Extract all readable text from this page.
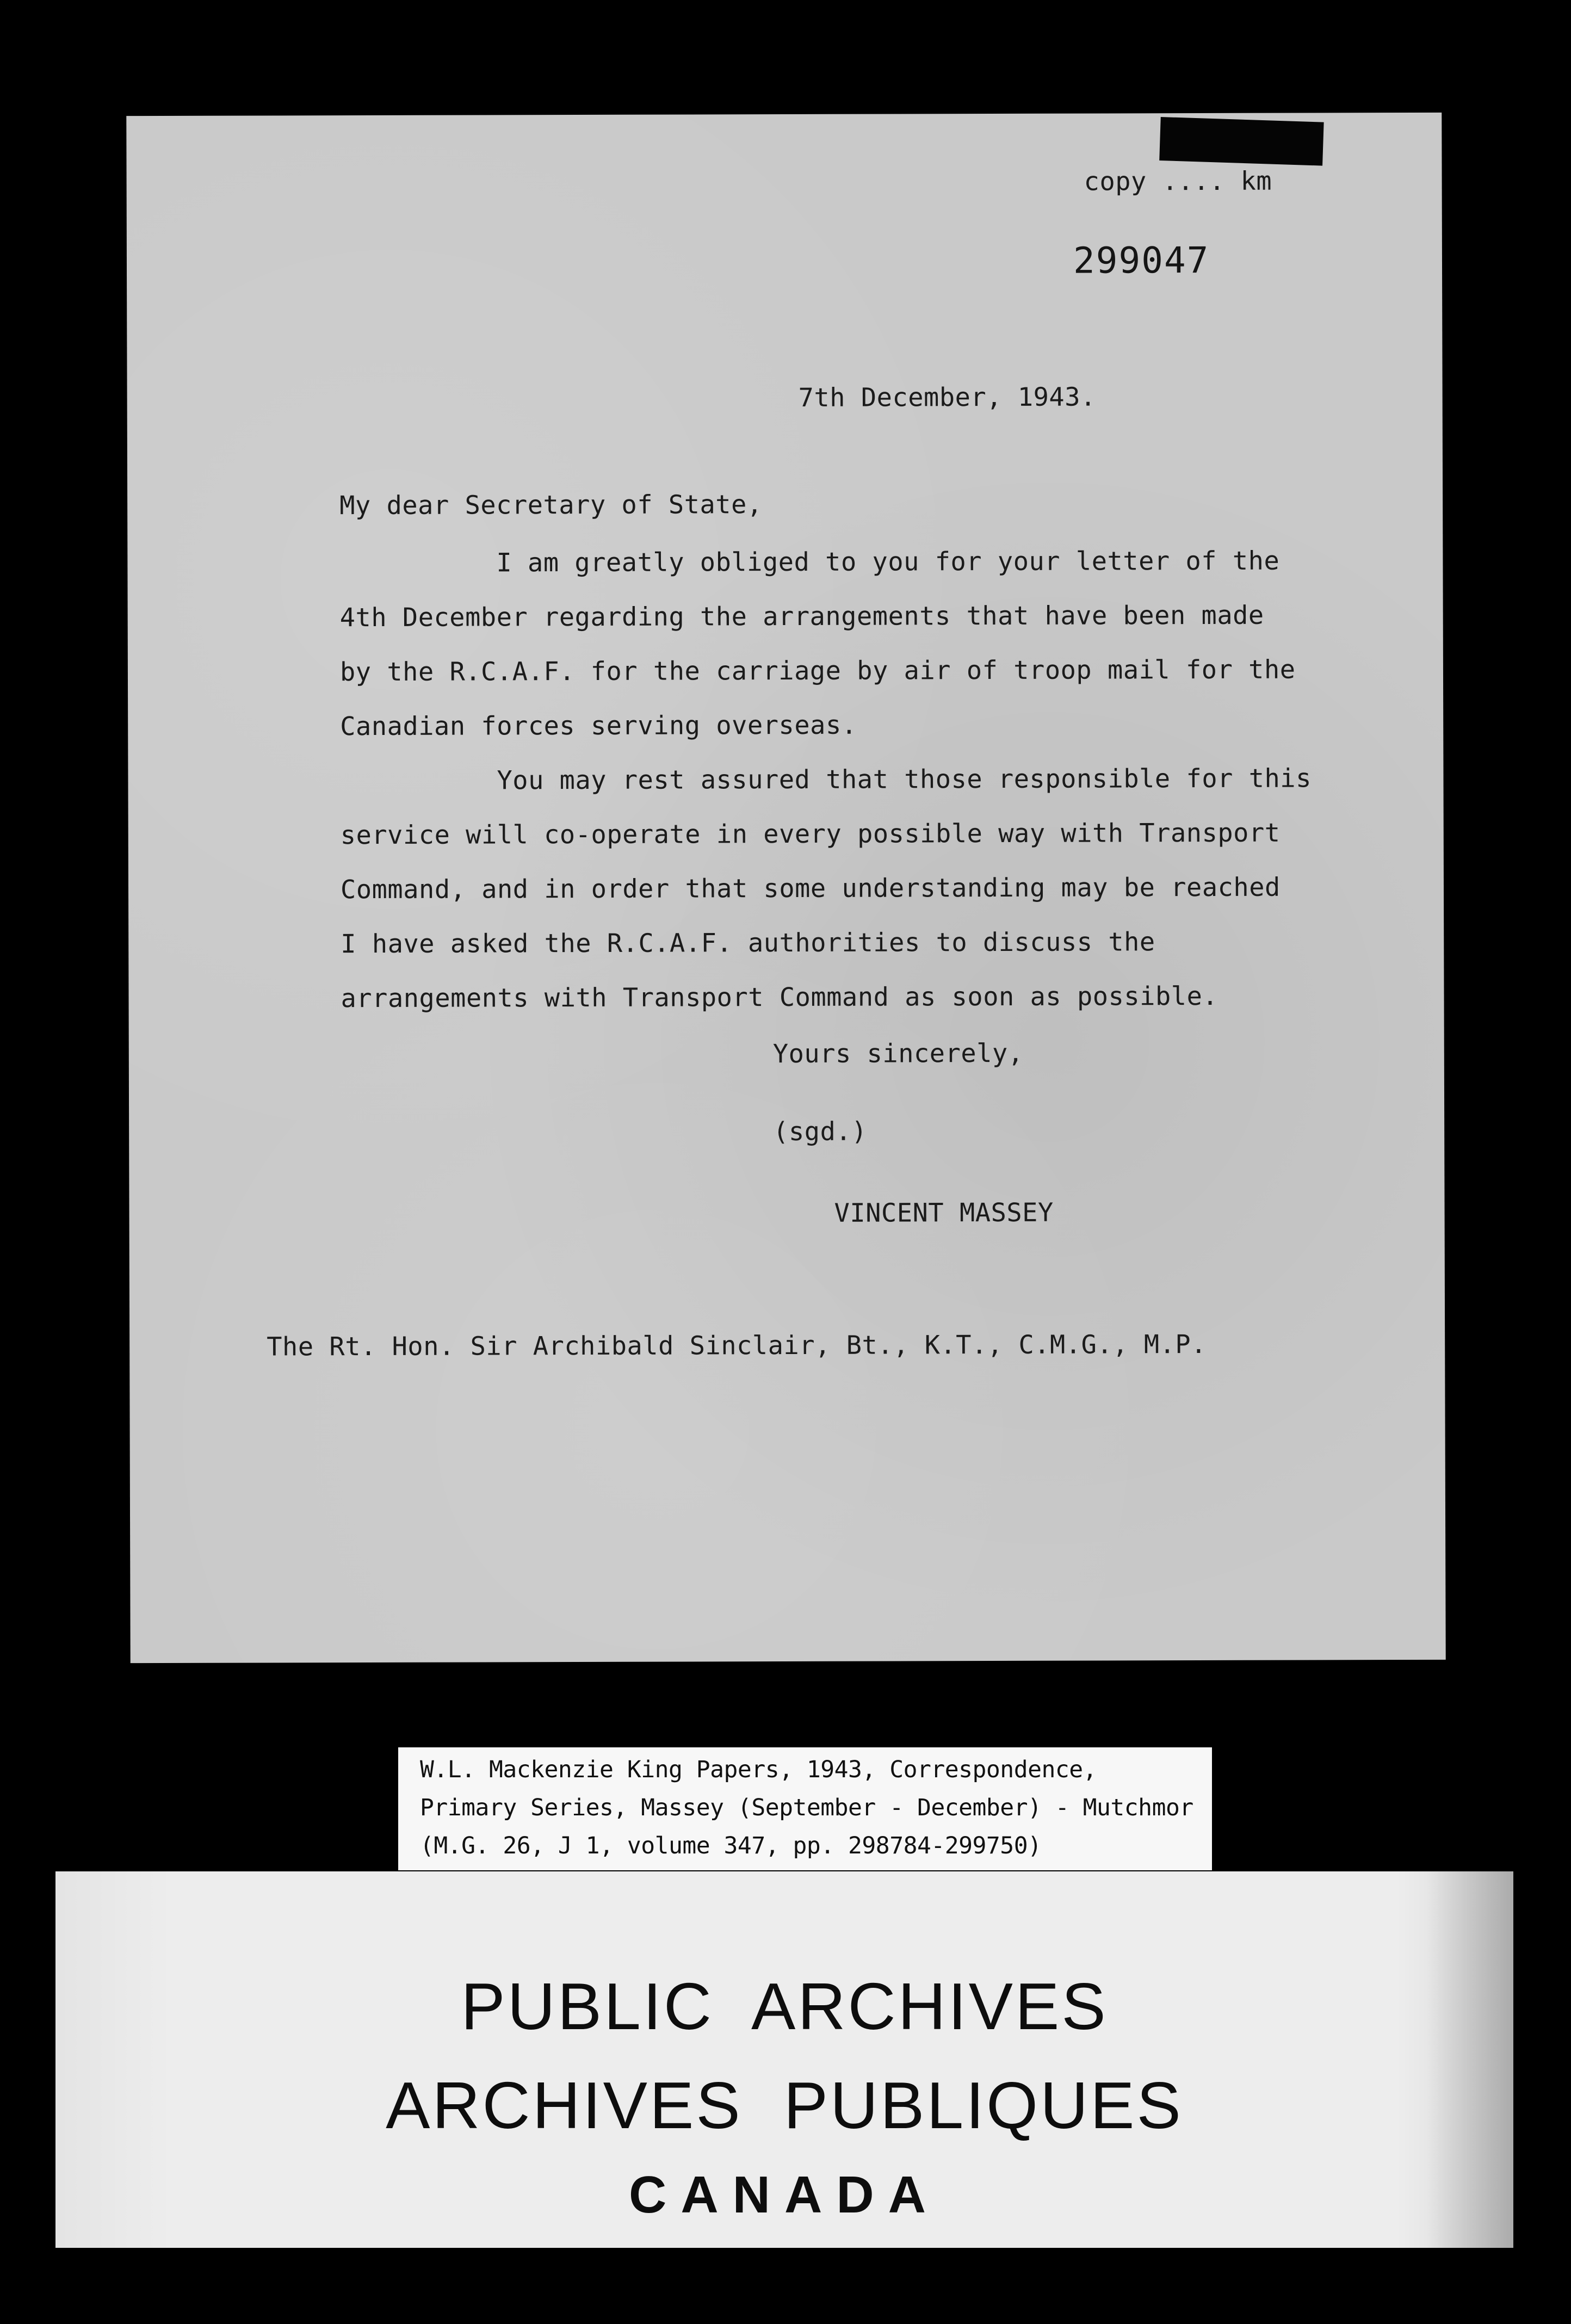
copy .... km
299047
7th December, 1943.
My dear Secretary of State,
I am greatly obliged to you for your letter of the
4th December regarding the arrangements that have been made
by the R.C.A.F. for the carriage by air of troop mail for the
Canadian forces serving overseas.
You may rest assured that those responsible for this
service will co-operate in every possible way with Transport
Command, and in order that some understanding may be reached
I have asked the R.C.A.F. authorities to discuss the
arrangements with Transport Command as soon as possible.
Yours sincerely,
(sgd.)
VINCENT MASSEY
The Rt. Hon. Sir Archibald Sinclair, Bt., K.T., C.M.G., M.P.
W.L. Mackenzie King Papers, 1943, Correspondence,
Primary Series, Massey (September - December) - Mutchmor
(M.G. 26, J 1, volume 347, pp. 298784-299750)
PUBLIC  ARCHIVES
ARCHIVES  PUBLIQUES
CANADA
